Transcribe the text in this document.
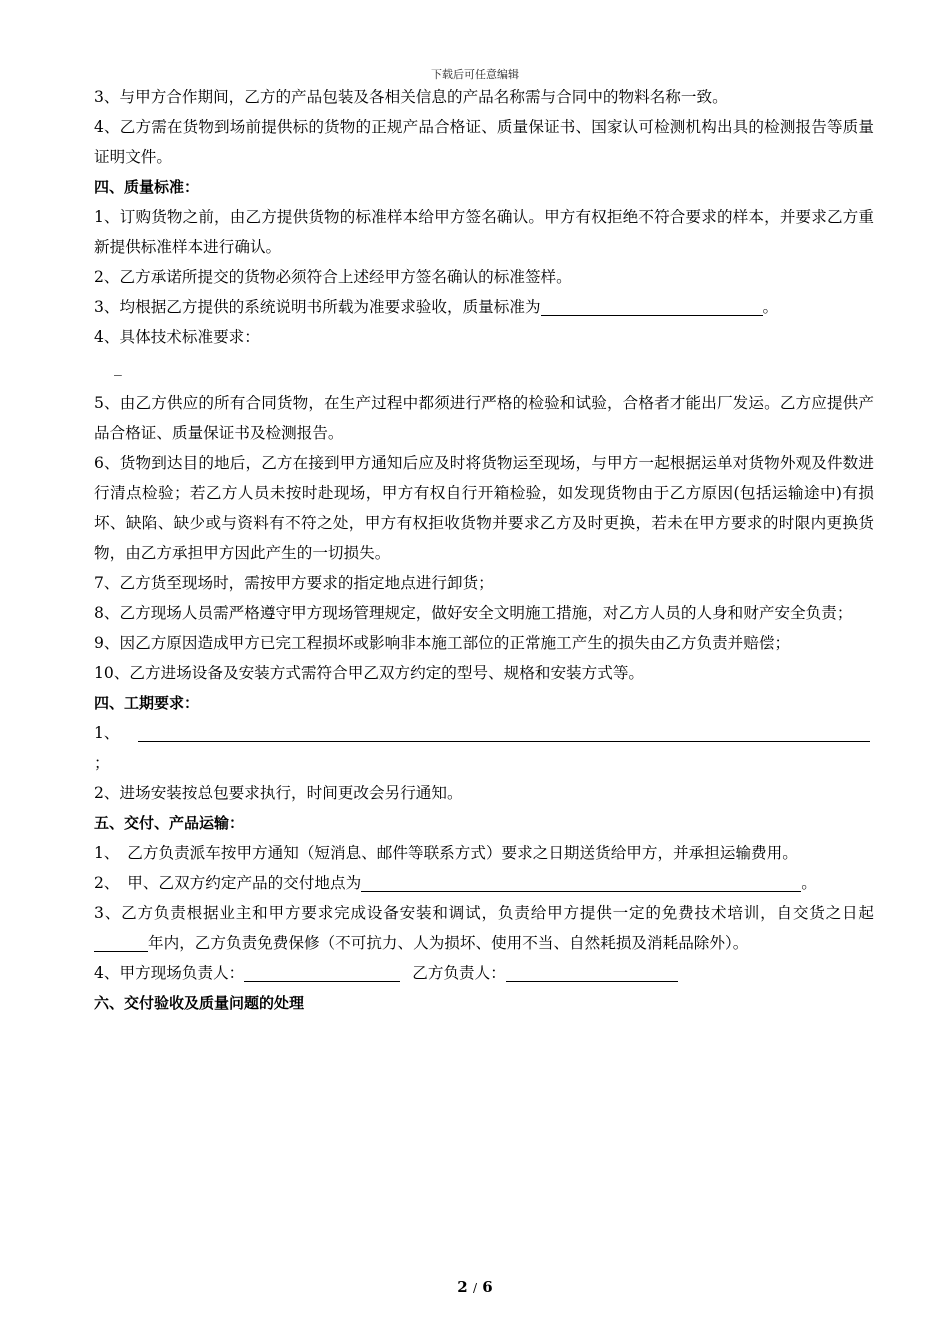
下载后可任意编辑

3、与甲方合作期间，乙方的产品包装及各相关信息的产品名称需与合同中的物料名称一致。

4、乙方需在货物到场前提供标的货物的正规产品合格证、质量保证书、国家认可检测机构出具的检测报告等质量证明文件。

四、质量标准：

1、订购货物之前，由乙方提供货物的标准样本给甲方签名确认。甲方有权拒绝不符合要求的样本，并要求乙方重新提供标准样本进行确认。

2、乙方承诺所提交的货物必须符合上述经甲方签名确认的标准签样。

3、均根据乙方提供的系统说明书所载为准要求验收，质量标准为	。

4、具体技术标准要求：

_

5、由乙方供应的所有合同货物，在生产过程中都须进行严格的检验和试验，合格者才能出厂发运。乙方应提供产品合格证、质量保证书及检测报告。

6、货物到达目的地后，乙方在接到甲方通知后应及时将货物运至现场，与甲方一起根据运单对货物外观及件数进行清点检验；若乙方人员未按时赴现场，甲方有权自行开箱检验，如发现货物由于乙方原因(包括运输途中)有损坏、缺陷、缺少或与资料有不符之处，甲方有权拒收货物并要求乙方及时更换，若未在甲方要求的时限内更换货物，由乙方承担甲方因此产生的一切损失。

7、乙方货至现场时，需按甲方要求的指定地点进行卸货；

8、乙方现场人员需严格遵守甲方现场管理规定，做好安全文明施工措施，对乙方人员的人身和财产安全负责；

9、因乙方原因造成甲方已完工程损坏或影响非本施工部位的正常施工产生的损失由乙方负责并赔偿；

10、乙方进场设备及安装方式需符合甲乙双方约定的型号、规格和安装方式等。

四、工期要求：

1、

；

2、进场安装按总包要求执行，时间更改会另行通知。

五、交付、产品运输：

1、　乙方负责派车按甲方通知（短消息、邮件等联系方式）要求之日期送货给甲方，并承担运输费用。

2、　甲、乙双方约定产品的交付地点为	。

3、乙方负责根据业主和甲方要求完成设备安装和调试，负责给甲方提供一定的免费技术培训，自交货之日起年内，乙方负责免费保修（不可抗力、人为损坏、使用不当、自然耗损及消耗品除外）。

4、甲方现场负责人：	乙方负责人：

六、交付验收及质量问题的处理

2 / 6
